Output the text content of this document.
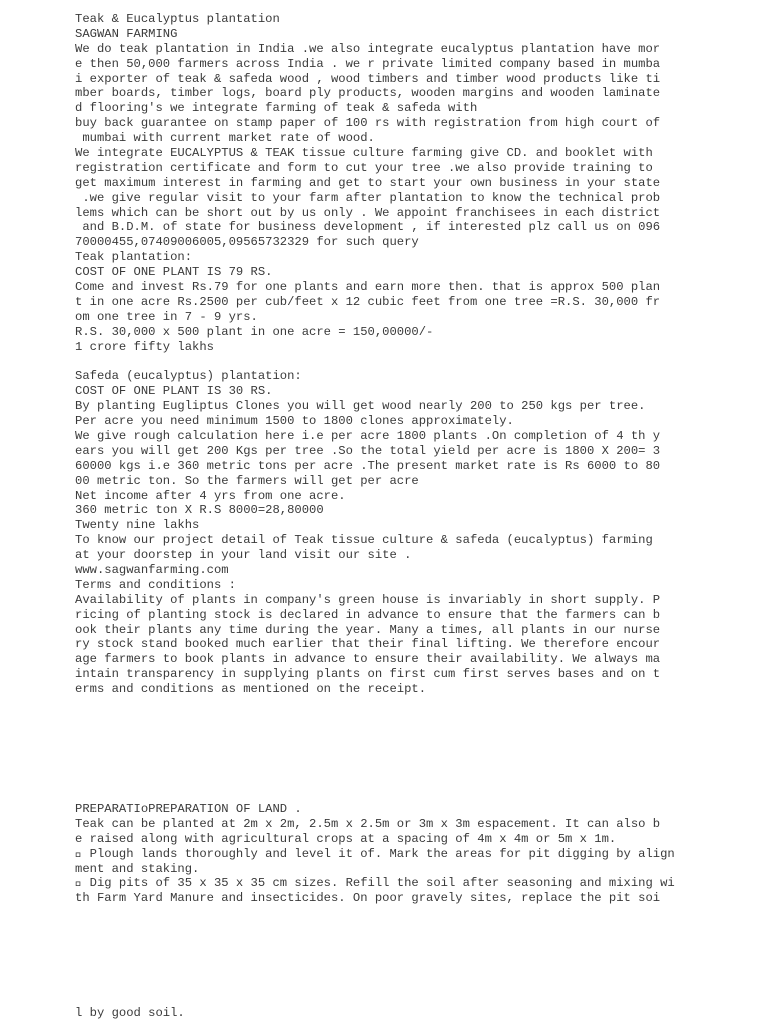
Teak & Eucalyptus plantation
SAGWAN FARMING
We do teak plantation in India .we also integrate eucalyptus plantation have mor
e then 50,000 farmers across India . we r private limited company based in mumba
i exporter of teak & safeda wood , wood timbers and timber wood products like ti
mber boards, timber logs, board ply products, wooden margins and wooden laminate
d flooring's we integrate farming of teak & safeda with
buy back guarantee on stamp paper of 100 rs with registration from high court of
mumbai with current market rate of wood.
We integrate EUCALYPTUS & TEAK tissue culture farming give CD. and booklet with
registration certificate and form to cut your tree .we also provide training to
get maximum interest in farming and get to start your own business in your state
.we give regular visit to your farm after plantation to know the technical prob
lems which can be short out by us only . We appoint franchisees in each district
and B.D.M. of state for business development , if interested plz call us on 096
70000455,07409006005,09565732329 for such query
Teak plantation:
COST OF ONE PLANT IS 79 RS.
Come and invest Rs.79 for one plants and earn more then. that is approx 500 plan
t in one acre Rs.2500 per cub/feet x 12 cubic feet from one tree =R.S. 30,000 fr
om one tree in 7 - 9 yrs.
R.S. 30,000 x 500 plant in one acre = 150,00000/-
1 crore fifty lakhs
Safeda (eucalyptus) plantation:
COST OF ONE PLANT IS 30 RS.
By planting Eugliptus Clones you will get wood nearly 200 to 250 kgs per tree.
Per acre you need minimum 1500 to 1800 clones approximately.
We give rough calculation here i.e per acre 1800 plants .On completion of 4 th y
ears you will get 200 Kgs per tree .So the total yield per acre is 1800 X 200= 3
60000 kgs i.e 360 metric tons per acre .The present market rate is Rs 6000 to 80
00 metric ton. So the farmers will get per acre
Net income after 4 yrs from one acre.
360 metric ton X R.S 8000=28,80000
Twenty nine lakhs
To know our project detail of Teak tissue culture & safeda (eucalyptus) farming
at your doorstep in your land visit our site .
www.sagwanfarming.com
Terms and conditions :
Availability of plants in company's green house is invariably in short supply. P
ricing of planting stock is declared in advance to ensure that the farmers can b
ook their plants any time during the year. Many a times, all plants in our nurse
ry stock stand booked much earlier that their final lifting. We therefore encour
age farmers to book plants in advance to ensure their availability. We always ma
intain transparency in supplying plants on first cum first serves bases and on t
erms and conditions as mentioned on the receipt.
PREPARATIoPREPARATION OF LAND .
Teak can be planted at 2m x 2m, 2.5m x 2.5m or 3m x 3m espacement. It can also b
e raised along with agricultural crops at a spacing of 4m x 4m or 5m x 1m.
Plough lands thoroughly and level it of. Mark the areas for pit digging by align
ment and staking.
Dig pits of 35 x 35 x 35 cm sizes. Refill the soil after seasoning and mixing wi
th Farm Yard Manure and insecticides. On poor gravely sites, replace the pit soi
l by good soil.
